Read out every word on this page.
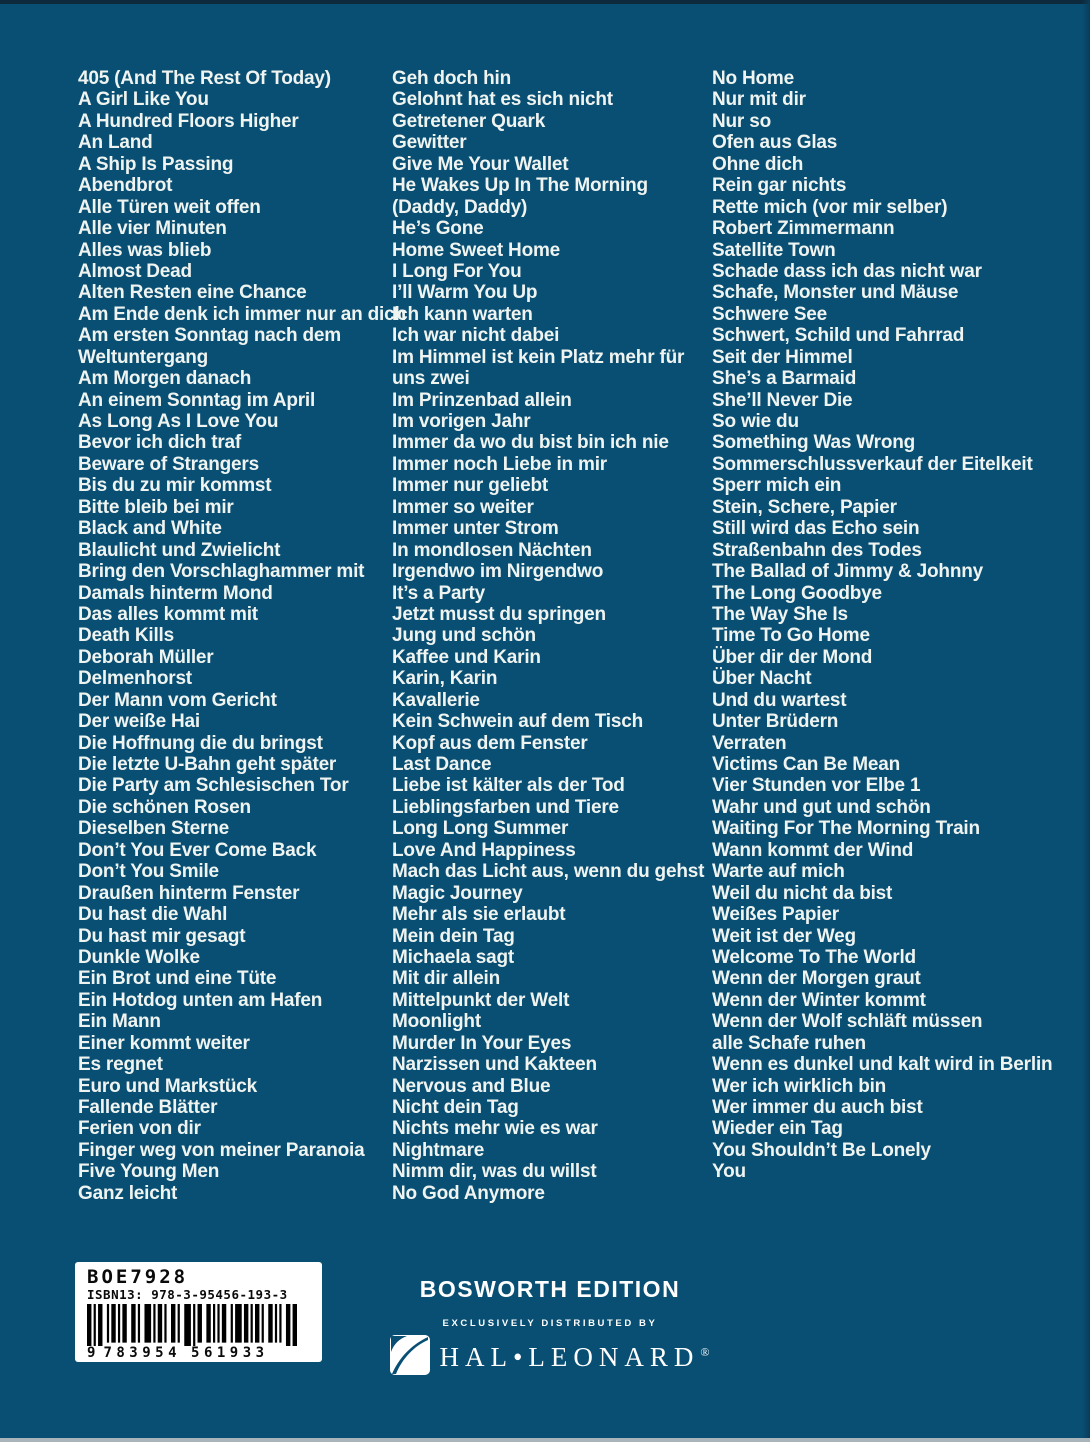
405 (And The Rest Of Today)
A Girl Like You
A Hundred Floors Higher
An Land
A Ship Is Passing
Abendbrot
Alle Türen weit offen
Alle vier Minuten
Alles was blieb
Almost Dead
Alten Resten eine Chance
Am Ende denk ich immer nur an dich
Am ersten Sonntag nach dem
Weltuntergang
Am Morgen danach
An einem Sonntag im April
As Long As I Love You
Bevor ich dich traf
Beware of Strangers
Bis du zu mir kommst
Bitte bleib bei mir
Black and White
Blaulicht und Zwielicht
Bring den Vorschlaghammer mit
Damals hinterm Mond
Das alles kommt mit
Death Kills
Deborah Müller
Delmenhorst
Der Mann vom Gericht
Der weiße Hai
Die Hoffnung die du bringst
Die letzte U-Bahn geht später
Die Party am Schlesischen Tor
Die schönen Rosen
Dieselben Sterne
Don’t You Ever Come Back
Don’t You Smile
Draußen hinterm Fenster
Du hast die Wahl
Du hast mir gesagt
Dunkle Wolke
Ein Brot und eine Tüte
Ein Hotdog unten am Hafen
Ein Mann
Einer kommt weiter
Es regnet
Euro und Markstück
Fallende Blätter
Ferien von dir
Finger weg von meiner Paranoia
Five Young Men
Ganz leicht
Geh doch hin
Gelohnt hat es sich nicht
Getretener Quark
Gewitter
Give Me Your Wallet
He Wakes Up In The Morning
(Daddy, Daddy)
He’s Gone
Home Sweet Home
I Long For You
I’ll Warm You Up
Ich kann warten
Ich war nicht dabei
Im Himmel ist kein Platz mehr für
uns zwei
Im Prinzenbad allein
Im vorigen Jahr
Immer da wo du bist bin ich nie
Immer noch Liebe in mir
Immer nur geliebt
Immer so weiter
Immer unter Strom
In mondlosen Nächten
Irgendwo im Nirgendwo
It’s a Party
Jetzt musst du springen
Jung und schön
Kaffee und Karin
Karin, Karin
Kavallerie
Kein Schwein auf dem Tisch
Kopf aus dem Fenster
Last Dance
Liebe ist kälter als der Tod
Lieblingsfarben und Tiere
Long Long Summer
Love And Happiness
Mach das Licht aus, wenn du gehst
Magic Journey
Mehr als sie erlaubt
Mein dein Tag
Michaela sagt
Mit dir allein
Mittelpunkt der Welt
Moonlight
Murder In Your Eyes
Narzissen und Kakteen
Nervous and Blue
Nicht dein Tag
Nichts mehr wie es war
Nightmare
Nimm dir, was du willst
No God Anymore
No Home
Nur mit dir
Nur so
Ofen aus Glas
Ohne dich
Rein gar nichts
Rette mich (vor mir selber)
Robert Zimmermann
Satellite Town
Schade dass ich das nicht war
Schafe, Monster und Mäuse
Schwere See
Schwert, Schild und Fahrrad
Seit der Himmel
She’s a Barmaid
She’ll Never Die
So wie du
Something Was Wrong
Sommerschlussverkauf der Eitelkeit
Sperr mich ein
Stein, Schere, Papier
Still wird das Echo sein
Straßenbahn des Todes
The Ballad of Jimmy & Johnny
The Long Goodbye
The Way She Is
Time To Go Home
Über dir der Mond
Über Nacht
Und du wartest
Unter Brüdern
Verraten
Victims Can Be Mean
Vier Stunden vor Elbe 1
Wahr und gut und schön
Waiting For The Morning Train
Wann kommt der Wind
Warte auf mich
Weil du nicht da bist
Weißes Papier
Weit ist der Weg
Welcome To The World
Wenn der Morgen graut
Wenn der Winter kommt
Wenn der Wolf schläft müssen
alle Schafe ruhen
Wenn es dunkel und kalt wird in Berlin
Wer ich wirklich bin
Wer immer du auch bist
Wieder ein Tag
You Shouldn’t Be Lonely
You
BOE7928
ISBN13: 978-3-95456-193-3
9 783954 561933
BOSWORTH EDITION
EXCLUSIVELY DISTRIBUTED BY
HAL•LEONARD®
